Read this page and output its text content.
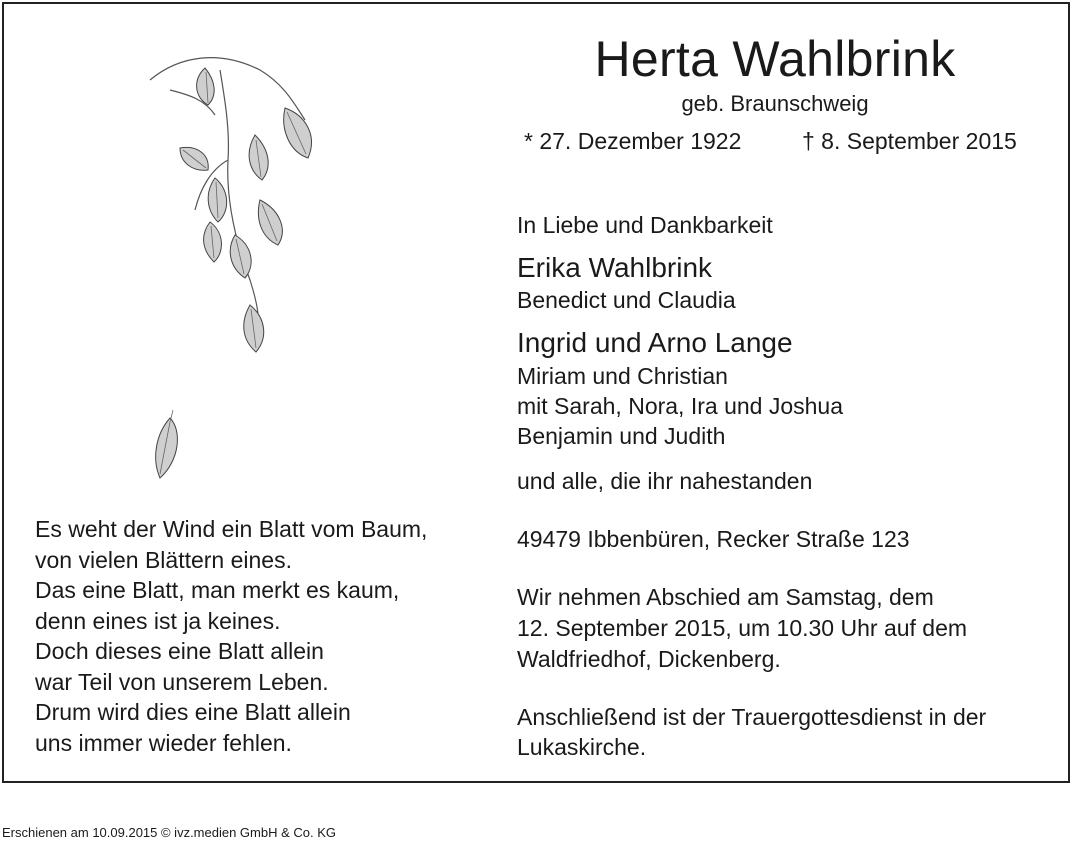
Herta Wahlbrink
geb. Braunschweig
* 27. Dezember 1922	† 8. September 2015
In Liebe und Dankbarkeit
Erika Wahlbrink
Benedict und Claudia
Ingrid und Arno Lange
Miriam und Christian
mit Sarah, Nora, Ira und Joshua
Benjamin und Judith
und alle, die ihr nahestanden
49479 Ibbenbüren, Recker Straße 123
Wir nehmen Abschied am Samstag, dem
12. September 2015, um 10.30 Uhr auf dem
Waldfriedhof, Dickenberg.
Anschließend ist der Trauergottesdienst in der
Lukaskirche.
Es weht der Wind ein Blatt vom Baum,
von vielen Blättern eines.
Das eine Blatt, man merkt es kaum,
denn eines ist ja keines.
Doch dieses eine Blatt allein
war Teil von unserem Leben.
Drum wird dies eine Blatt allein
uns immer wieder fehlen.
Erschienen am 10.09.2015 © ivz.medien GmbH & Co. KG
